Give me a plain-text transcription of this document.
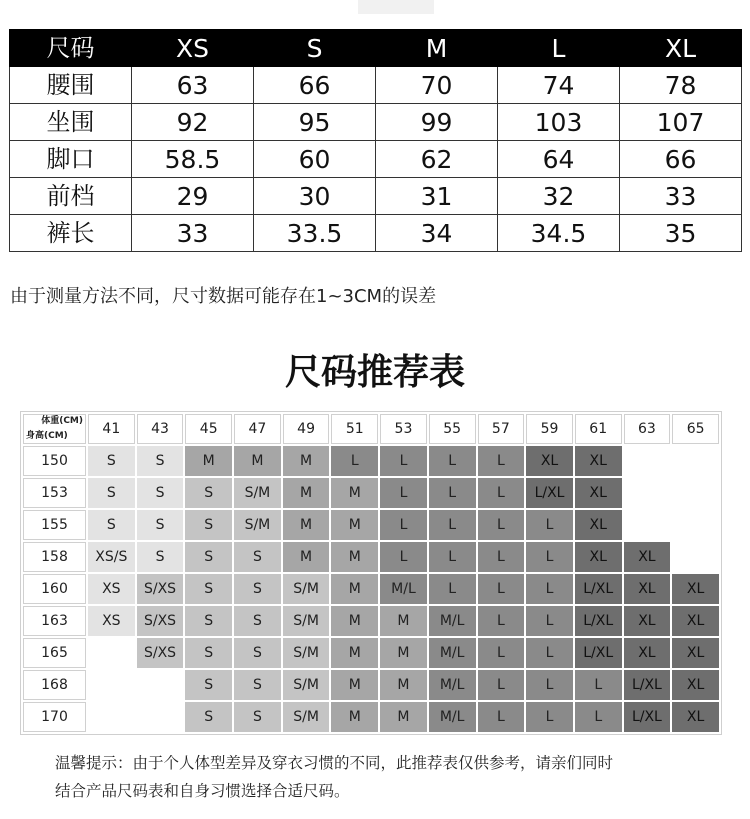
尺码	XS	S	M	L	XL
腰围	63	66	70	74	78
坐围	92	95	99	103	107
脚口	58.5	60	62	64	66
前档	29	30	31	32	33
裤长	33	33.5	34	34.5	35
由于测量方法不同，尺寸数据可能存在1~3CM的误差
尺码推荐表
体重(CM)
身高(CM)	41	43	45	47	49	51	53	55	57	59	61	63	65
150	S	S	M	M	M	L	L	L	L	XL	XL		
153	S	S	S	S/M	M	M	L	L	L	L/XL	XL		
155	S	S	S	S/M	M	M	L	L	L	L	XL		
158	XS/S	S	S	S	M	M	L	L	L	L	XL	XL	
160	XS	S/XS	S	S	S/M	M	M/L	L	L	L	L/XL	XL	XL
163	XS	S/XS	S	S	S/M	M	M	M/L	L	L	L/XL	XL	XL
165		S/XS	S	S	S/M	M	M	M/L	L	L	L/XL	XL	XL
168			S	S	S/M	M	M	M/L	L	L	L	L/XL	XL
170			S	S	S/M	M	M	M/L	L	L	L	L/XL	XL
温馨提示：由于个人体型差异及穿衣习惯的不同，此推荐表仅供参考，请亲们同时
结合产品尺码表和自身习惯选择合适尺码。
